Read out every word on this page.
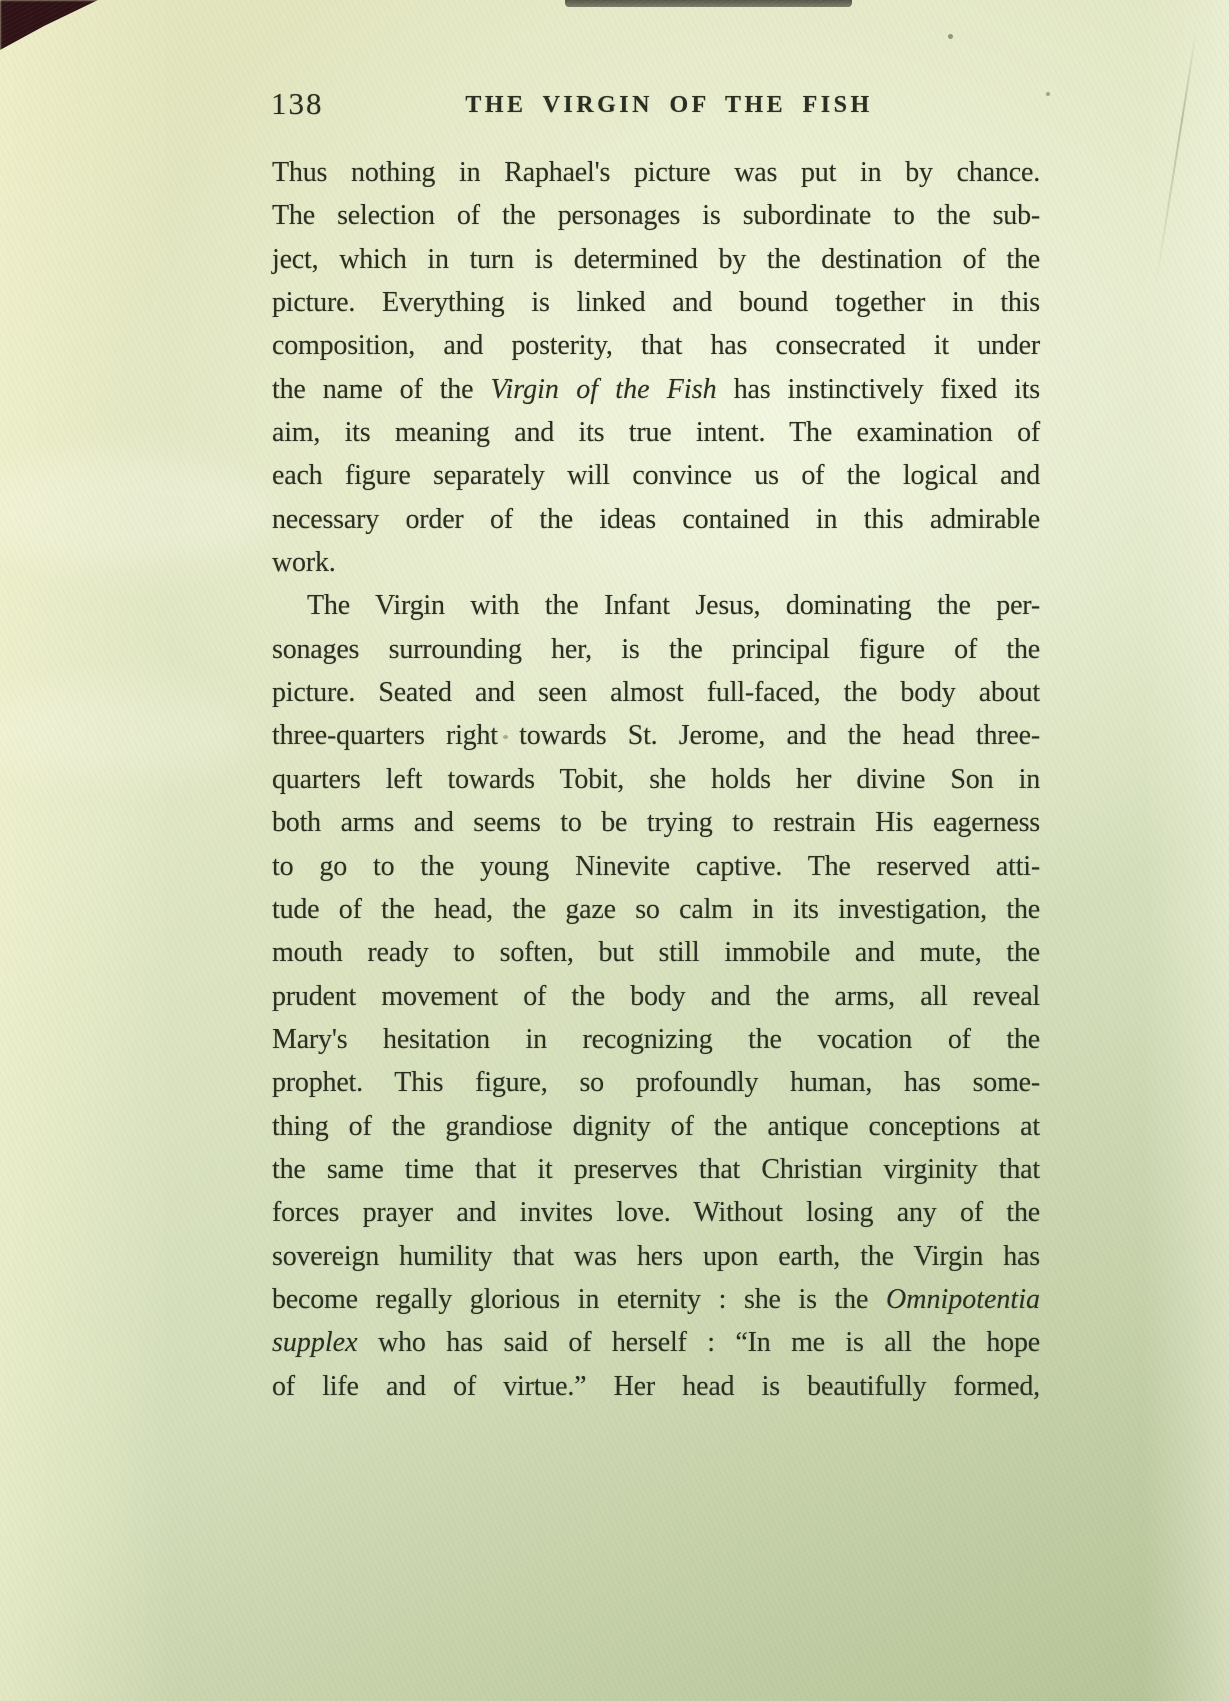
138	THE VIRGIN OF THE FISH
Thus nothing in Raphael's picture was put in by chance.
The selection of the personages is subordinate to the sub-
ject, which in turn is determined by the destination of the
picture. Everything is linked and bound together in this
composition, and posterity, that has consecrated it under
the name of the Virgin of the Fish has instinctively fixed its
aim, its meaning and its true intent. The examination of
each figure separately will convince us of the logical and
necessary order of the ideas contained in this admirable
work.
The Virgin with the Infant Jesus, dominating the per-
sonages surrounding her, is the principal figure of the
picture. Seated and seen almost full-faced, the body about
three-quarters right towards St. Jerome, and the head three-
quarters left towards Tobit, she holds her divine Son in
both arms and seems to be trying to restrain His eagerness
to go to the young Ninevite captive. The reserved atti-
tude of the head, the gaze so calm in its investigation, the
mouth ready to soften, but still immobile and mute, the
prudent movement of the body and the arms, all reveal
Mary's hesitation in recognizing the vocation of the
prophet. This figure, so profoundly human, has some-
thing of the grandiose dignity of the antique conceptions at
the same time that it preserves that Christian virginity that
forces prayer and invites love. Without losing any of the
sovereign humility that was hers upon earth, the Virgin has
become regally glorious in eternity : she is the Omnipotentia
supplex who has said of herself : “In me is all the hope
of life and of virtue.” Her head is beautifully formed,
